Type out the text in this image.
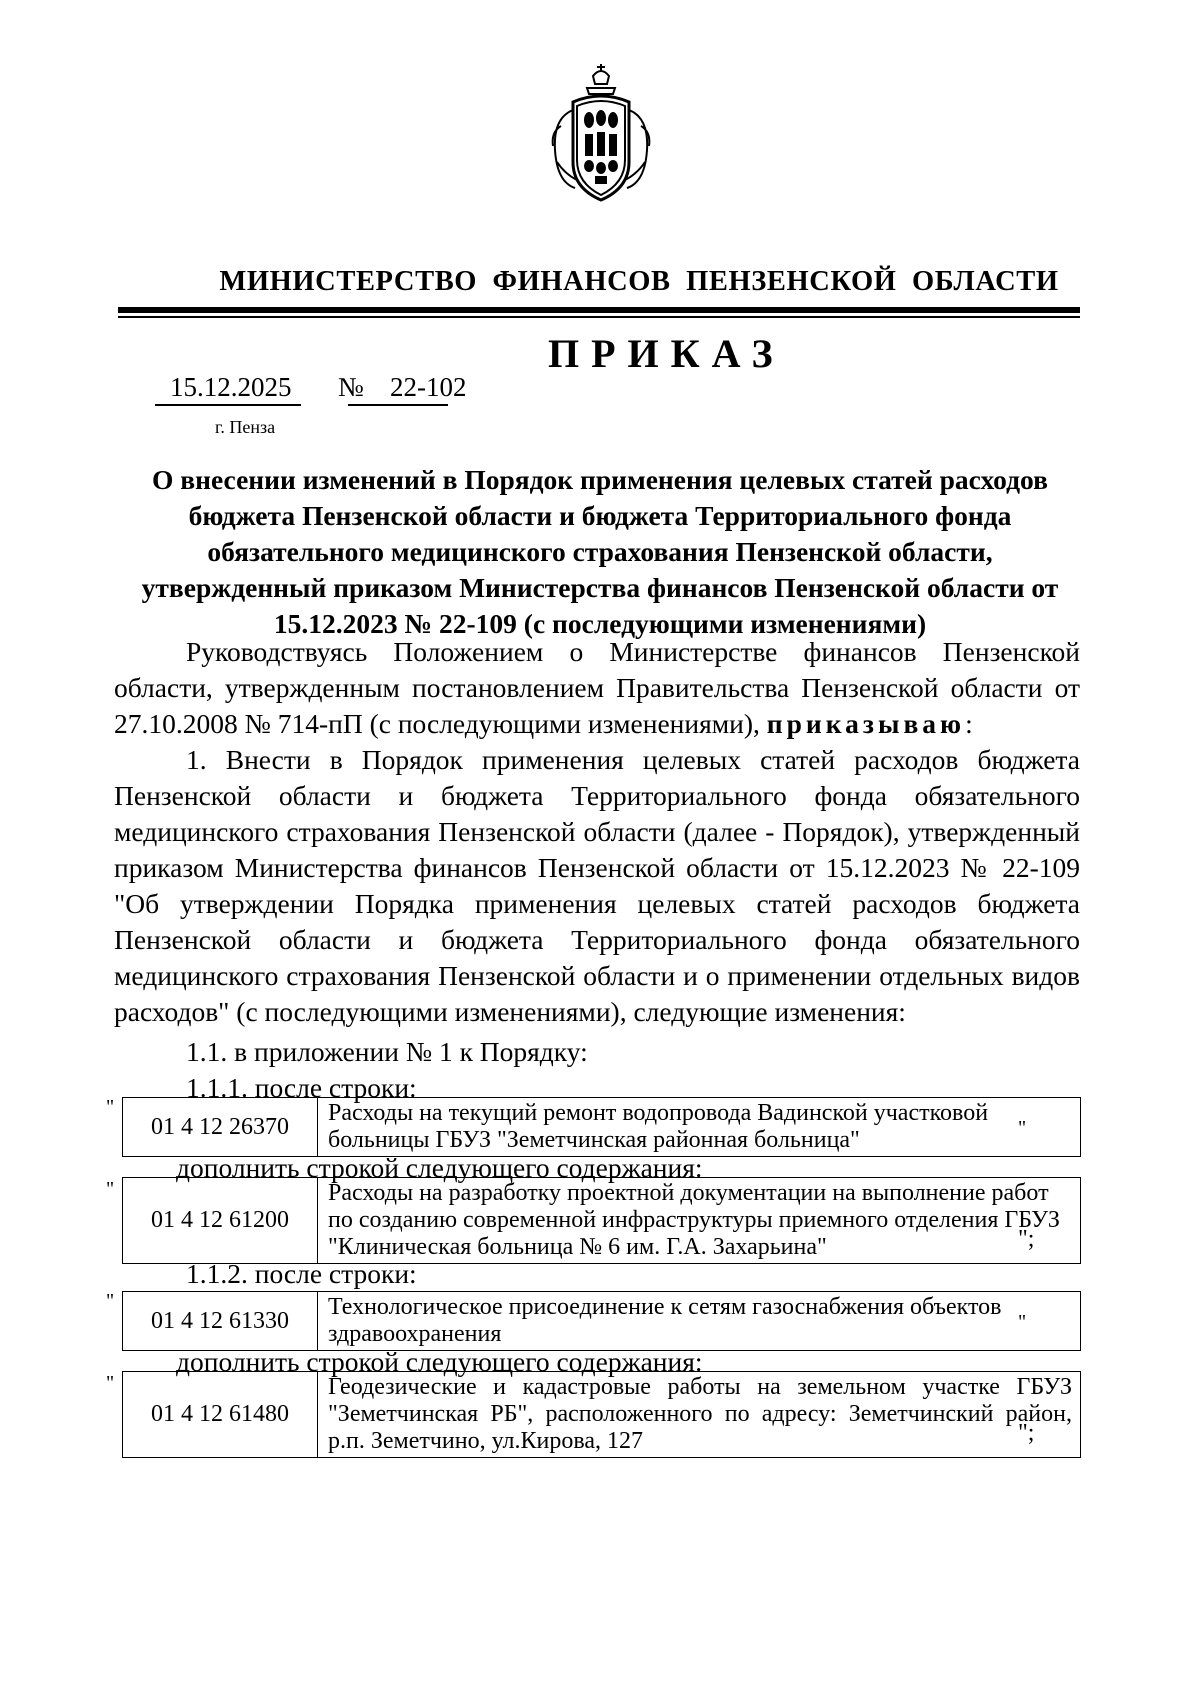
МИНИСТЕРСТВО  ФИНАНСОВ  ПЕНЗЕНСКОЙ  ОБЛАСТИ
ПРИКАЗ
15.12.2025 № 22-102
г. Пенза
О внесении изменений в Порядок применения целевых статей расходов
бюджета Пензенской области и бюджета Территориального фонда
обязательного медицинского страхования Пензенской области,
утвержденный приказом Министерства финансов Пензенской области от
15.12.2023 № 22-109 (с последующими изменениями)
Руководствуясь Положением о Министерстве финансов Пензенской области, утвержденным постановлением Правительства Пензенской области от 27.10.2008 № 714-пП (с последующими изменениями), приказываю:
1. Внести в Порядок применения целевых статей расходов бюджета Пензенской области и бюджета Территориального фонда обязательного медицинского страхования Пензенской области (далее - Порядок), утвержденный приказом Министерства финансов Пензенской области от 15.12.2023 № 22-109 "Об утверждении Порядка применения целевых статей расходов бюджета Пензенской области и бюджета Территориального фонда обязательного медицинского страхования Пензенской области и о применении отдельных видов расходов" (с последующими изменениями), следующие изменения:
1.1. в приложении № 1 к Порядку:
1.1.1. после строки:
"
01 4 12 26370	Расходы на текущий ремонт водопровода Вадинской участковой больницы ГБУЗ "Земетчинская районная больница"	"
дополнить строкой следующего содержания:
"
01 4 12 61200	Расходы на разработку проектной документации на выполнение работ по созданию современной инфраструктуры приемного отделения ГБУЗ "Клиническая больница № 6 им. Г.А. Захарьина"	";
1.1.2. после строки:
"
01 4 12 61330	Технологическое присоединение к сетям газоснабжения объектов здравоохранения	"
дополнить строкой следующего содержания:
"
01 4 12 61480	Геодезические и кадастровые работы на земельном участке ГБУЗ "Земетчинская РБ", расположенного по адресу: Земетчинский район, р.п. Земетчино, ул.Кирова, 127	";
